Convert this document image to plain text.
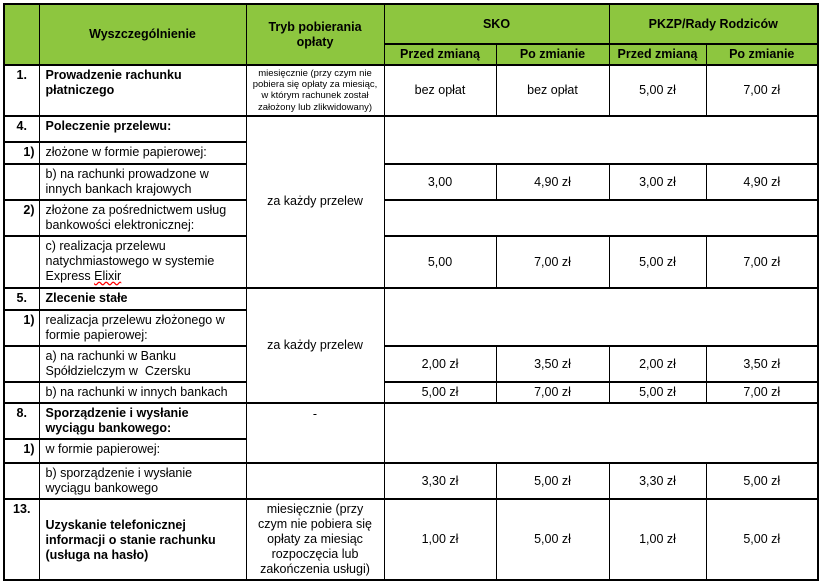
	Wyszczególnienie	Tryb pobierania opłaty	SKO		PKZP/Rady Rodziców	
			Przed zmianą	Po zmianie	Przed zmianą	Po zmianie
1.	Prowadzenie rachunku płatniczego	miesięcznie (przy czym nie pobiera się opłaty za miesiąc, w którym rachunek został założony lub zlikwidowany)	bez opłat	bez opłat	5,00 zł	7,00 zł
4.	Poleczenie przelewu:	za każdy przelew				
1)	złożone w formie papierowej:					
	b) na rachunki prowadzone w innych bankach krajowych		3,00	4,90 zł	3,00 zł	4,90 zł
2)	złożone za pośrednictwem usług bankowości elektronicznej:					
	c) realizacja przelewu natychmiastowego w systemie Express Elixir		5,00	7,00 zł	5,00 zł	7,00 zł
5.	Zlecenie stałe	za każdy przelew				
1)	realizacja przelewu złożonego w formie papierowej:					
	a) na rachunki w Banku Spółdzielczym w  Czersku		2,00 zł	3,50 zł	2,00 zł	3,50 zł
	b) na rachunki w innych bankach		5,00 zł	7,00 zł	5,00 zł	7,00 zł
8.	Sporządzenie i wysłanie wyciągu bankowego:	-				
1)	w formie papierowej:					
	b) sporządzenie i wysłanie wyciągu bankowego		3,30 zł	5,00 zł	3,30 zł	5,00 zł
13.	Uzyskanie telefonicznej informacji o stanie rachunku (usługa na hasło)	miesięcznie (przy czym nie pobiera się opłaty za miesiąc rozpoczęcia lub zakończenia usługi)	1,00 zł	5,00 zł	1,00 zł	5,00 zł
